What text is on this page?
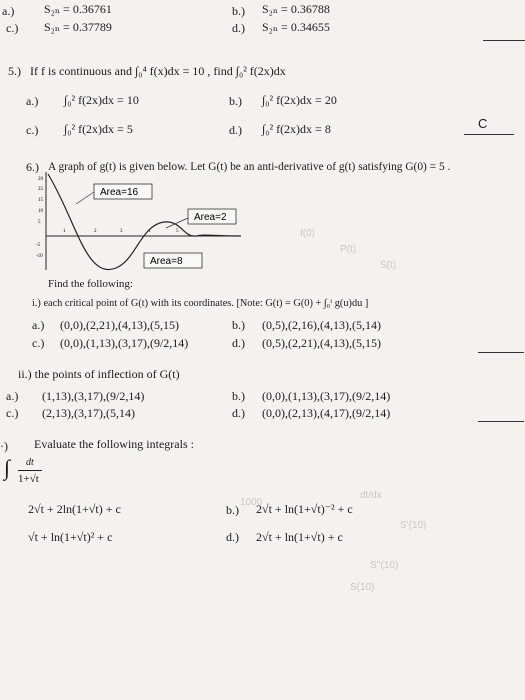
a.) S₂ₙ = 0.36761	b.) S₂ₙ = 0.36788
c.) S₂ₙ = 0.37789	d.) S₂ₙ = 0.34655
5.) If f is continuous and ∫₀⁴ f(x)dx = 10 , find ∫₀² f(2x)dx
a.) ∫₀² f(2x)dx = 10	b.) ∫₀² f(2x)dx = 20
c.) ∫₀² f(2x)dx = 5	d.) ∫₀² f(2x)dx = 8	C
6.) A graph of g(t) is given below. Let G(t) be an anti-derivative of g(t) satisfying G(0) = 5 .
20
25
15
10
5
-5
-10
1	2	3	4	5
Area=16
Area=2
Area=8
f(0)
P(t)
S(t)
dt/dx
1000
S'(10)
S''(10)
S(10)
Find the following:
i.) each critical point of G(t) with its coordinates. [Note: G(t) = G(0) + ∫₀ᵗ g(u)du ]
a.) (0,0),(2,21),(4,13),(5,15)	b.) (0,5),(2,16),(4,13),(5,14)
c.) (0,0),(1,13),(3,17),(9/2,14)	d.) (0,5),(2,21),(4,13),(5,15)
ii.) the points of inflection of G(t)
a.) (1,13),(3,17),(9/2,14)	b.) (0,0),(1,13),(3,17),(9/2,14)
c.) (2,13),(3,17),(5,14)	d.) (0,0),(2,13),(4,17),(9/2,14)
·) Evaluate the following integrals :
∫ dt
1+√t
2√t + 2ln(1+√t) + c	b.) 2√t + ln(1+√t)⁻² + c
√t + ln(1+√t)² + c	d.) 2√t + ln(1+√t) + c
